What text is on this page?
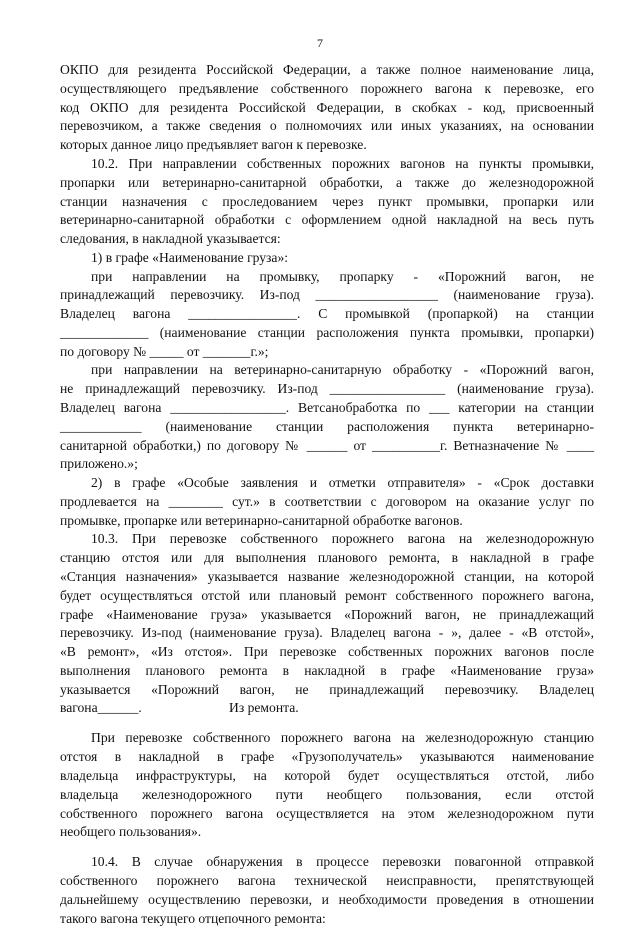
7
ОКПО для резидента Российской Федерации, а также полное наименование лица,
осуществляющего предъявление собственного порожнего вагона к перевозке, его
код ОКПО для резидента Российской Федерации, в скобках - код, присвоенный
перевозчиком, а также сведения о полномочиях или иных указаниях, на основании
которых данное лицо предъявляет вагон к перевозке.
10.2. При направлении собственных порожних вагонов на пункты промывки,
пропарки или ветеринарно-санитарной обработки, а также до железнодорожной
станции назначения с проследованием через пункт промывки, пропарки или
ветеринарно-санитарной обработки с оформлением одной накладной на весь путь
следования, в накладной указывается:
1) в графе «Наименование груза»:
при направлении на промывку, пропарку - «Порожний вагон, не
принадлежащий перевозчику. Из-под __________________ (наименование груза).
Владелец вагона ________________. С промывкой (пропаркой) на станции
_____________ (наименование станции расположения пункта промывки, пропарки)
по договору № _____ от _______г.»;
при направлении на ветеринарно-санитарную обработку - «Порожний вагон,
не принадлежащий перевозчику. Из-под _________________ (наименование груза).
Владелец вагона _________________. Ветсанобработка по ___ категории на станции
____________ (наименование станции расположения пункта ветеринарно-
санитарной обработки,) по договору № ______ от __________г. Ветназначение № ____
приложено.»;
2) в графе «Особые заявления и отметки отправителя» - «Срок доставки
продлевается на ________ сут.» в соответствии с договором на оказание услуг по
промывке, пропарке или ветеринарно-санитарной обработке вагонов.
10.3. При перевозке собственного порожнего вагона на железнодорожную
станцию отстоя или для выполнения планового ремонта, в накладной в графе
«Станция назначения» указывается название железнодорожной станции, на которой
будет осуществляться отстой или плановый ремонт собственного порожнего вагона,
графе «Наименование груза» указывается «Порожний вагон, не принадлежащий
перевозчику. Из-под (наименование груза). Владелец вагона - », далее - «В отстой»,
«В ремонт», «Из отстоя». При перевозке собственных порожних вагонов после
выполнения планового ремонта в накладной в графе «Наименование груза»
указывается «Порожний вагон, не принадлежащий перевозчику. Владелец
вагона______.	Из ремонта.
При перевозке собственного порожнего вагона на железнодорожную станцию
отстоя в накладной в графе «Грузополучатель» указываются наименование
владельца инфраструктуры, на которой будет осуществляться отстой, либо
владельца железнодорожного пути необщего пользования, если отстой
собственного порожнего вагона осуществляется на этом железнодорожном пути
необщего пользования».
10.4. В случае обнаружения в процессе перевозки повагонной отправкой
собственного порожнего вагона технической неисправности, препятствующей
дальнейшему осуществлению перевозки, и необходимости проведения в отношении
такого вагона текущего отцепочного ремонта:
